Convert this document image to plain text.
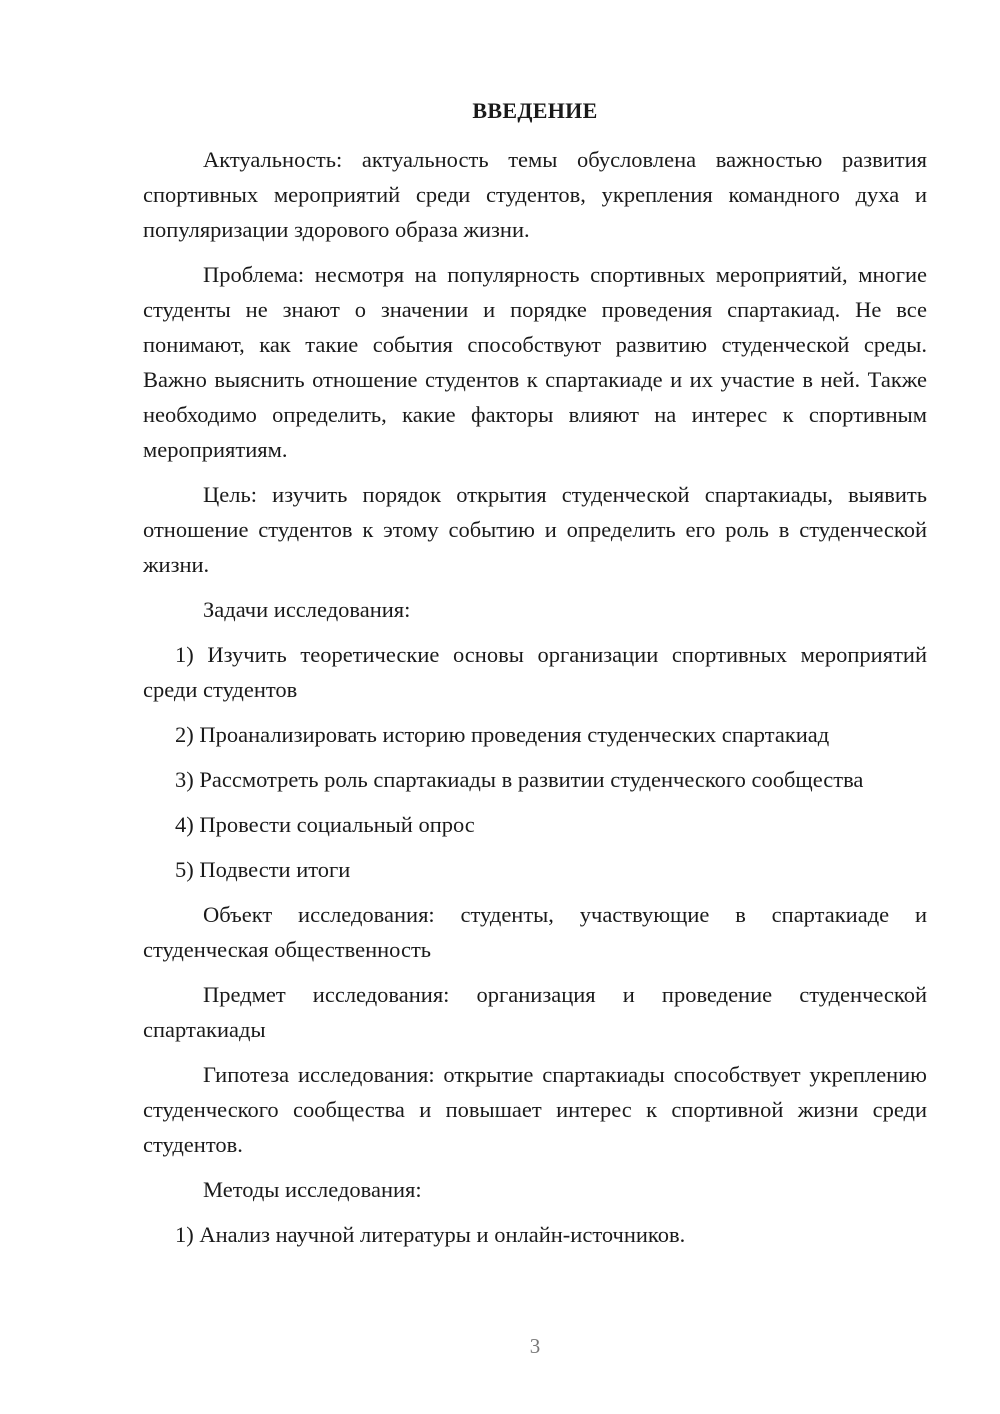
ВВЕДЕНИЕ

Актуальность: актуальность темы обусловлена важностью развития спортивных мероприятий среди студентов, укрепления командного духа и популяризации здорового образа жизни.

Проблема: несмотря на популярность спортивных мероприятий, многие студенты не знают о значении и порядке проведения спартакиад. Не все понимают, как такие события способствуют развитию студенческой среды. Важно выяснить отношение студентов к спартакиаде и их участие в ней. Также необходимо определить, какие факторы влияют на интерес к спортивным мероприятиям.

Цель: изучить порядок открытия студенческой спартакиады, выявить отношение студентов к этому событию и определить его роль в студенческой жизни.

Задачи исследования:

1) Изучить теоретические основы организации спортивных мероприятий среди студентов

2) Проанализировать историю проведения студенческих спартакиад

3) Рассмотреть роль спартакиады в развитии студенческого сообщества

4) Провести социальный опрос

5) Подвести итоги

Объект исследования: студенты, участвующие в спартакиаде и студенческая общественность

Предмет исследования: организация и проведение студенческой спартакиады

Гипотеза исследования: открытие спартакиады способствует укреплению студенческого сообщества и повышает интерес к спортивной жизни среди студентов.

Методы исследования:

1) Анализ научной литературы и онлайн-источников.

3
